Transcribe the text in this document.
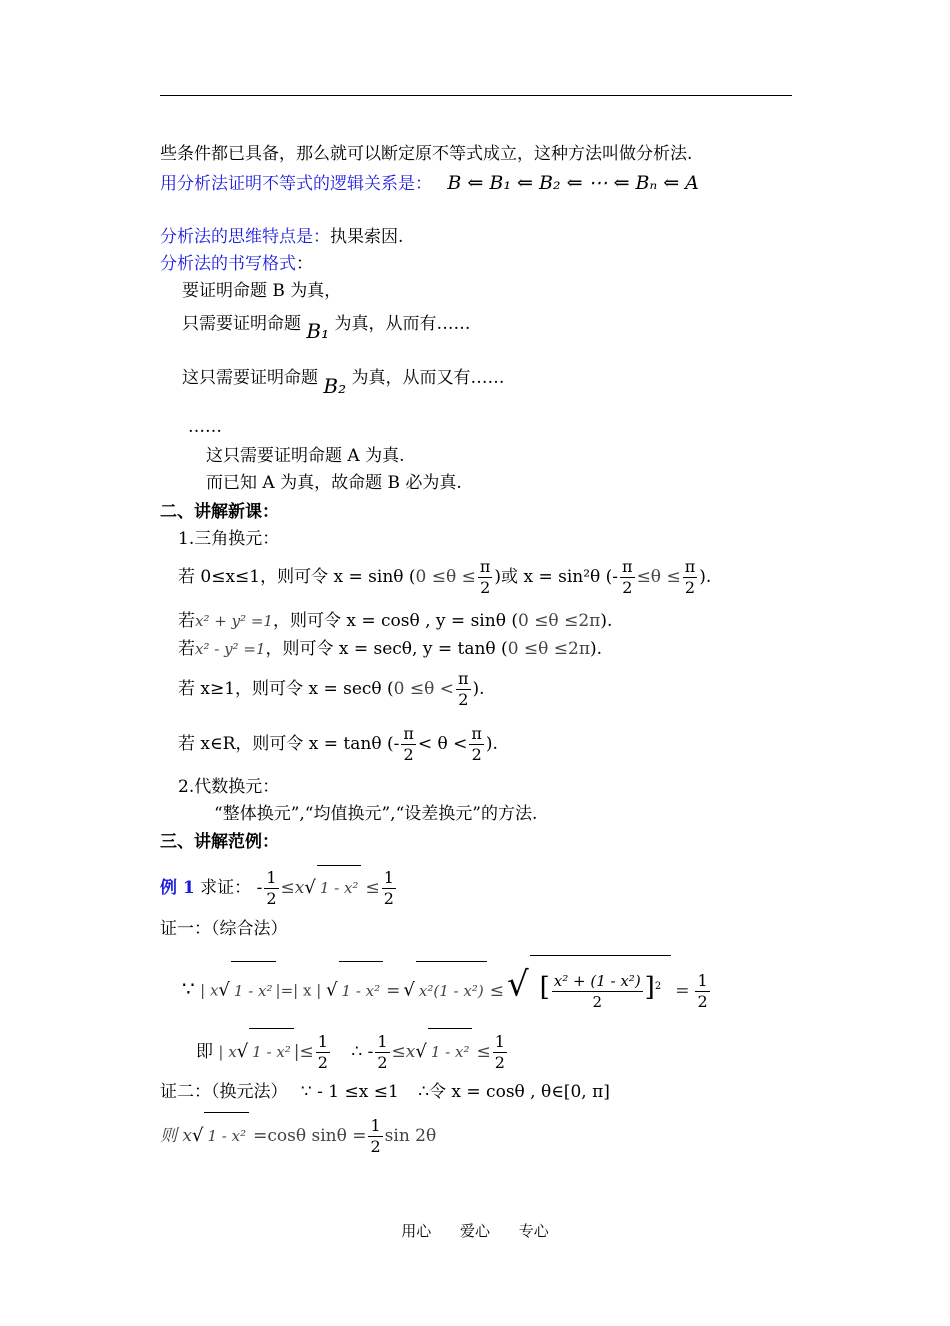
些条件都已具备，那么就可以断定原不等式成立，这种方法叫做分析法.
用分析法证明不等式的逻辑关系是： B ⇐ B₁ ⇐ B₂ ⇐ ⋯ ⇐ Bₙ ⇐ A
分析法的思维特点是：执果索因.
分析法的书写格式：
要证明命题 B 为真，
只需要证明命题 B₁ 为真，从而有……
这只需要证明命题 B₂ 为真，从而又有……
……
这只需要证明命题 A 为真.
而已知 A 为真，故命题 B 必为真.
二、讲解新课：
1.三角换元：
若 0≤x≤1，则可令 x = sinθ ($0 \le\theta \le \frac{\pi}{2}$ )或 x = sin²θ (- $\frac{\pi}{2} \le\theta \le \frac{\pi}{2}$ ).
若x² + y² =1，则可令 x = cosθ , y = sinθ (0 ≤θ ≤2π).
若x² - y² =1，则可令 x = secθ, y = tanθ (0 ≤θ ≤2π).
若 x≥1，则可令 x = secθ ($0 \le\theta < \frac{\pi}{2}$ ).
若 x∈R，则可令 x = tanθ (- $\frac{\pi}{2} < \theta < \frac{\pi}{2}$ ).
2.代数换元：
“整体换元”,“均值换元”,“设差换元”的方法.
三、讲解范例：
例 1 求证： - $\frac{1}{2} \le x√$ $1 - x^2 \le \frac{1}{2}$
证一：（综合法）
∵ | x√ 1 - x² |=| x | √ 1 - x² = √ x²(1 - x²) ≤√ [ $\frac{\text{x² + (1 - x²)}}{2} ]^2 = \frac{1}{2}$
即 | x√ 1 - x² |≤ $\frac{1}{2}$ ∴ - $\frac{1}{2} \le x√$ $1 - x^2 \le \frac{1}{2}$
证二：（换元法） ∵ - 1 ≤x ≤1 ∴令 x = cosθ , θ∈[0, π]
则 x√ 1 - x² =cosθ $\sin\theta = \frac{1}{2}$ sin 2θ
用心 爱心 专心
